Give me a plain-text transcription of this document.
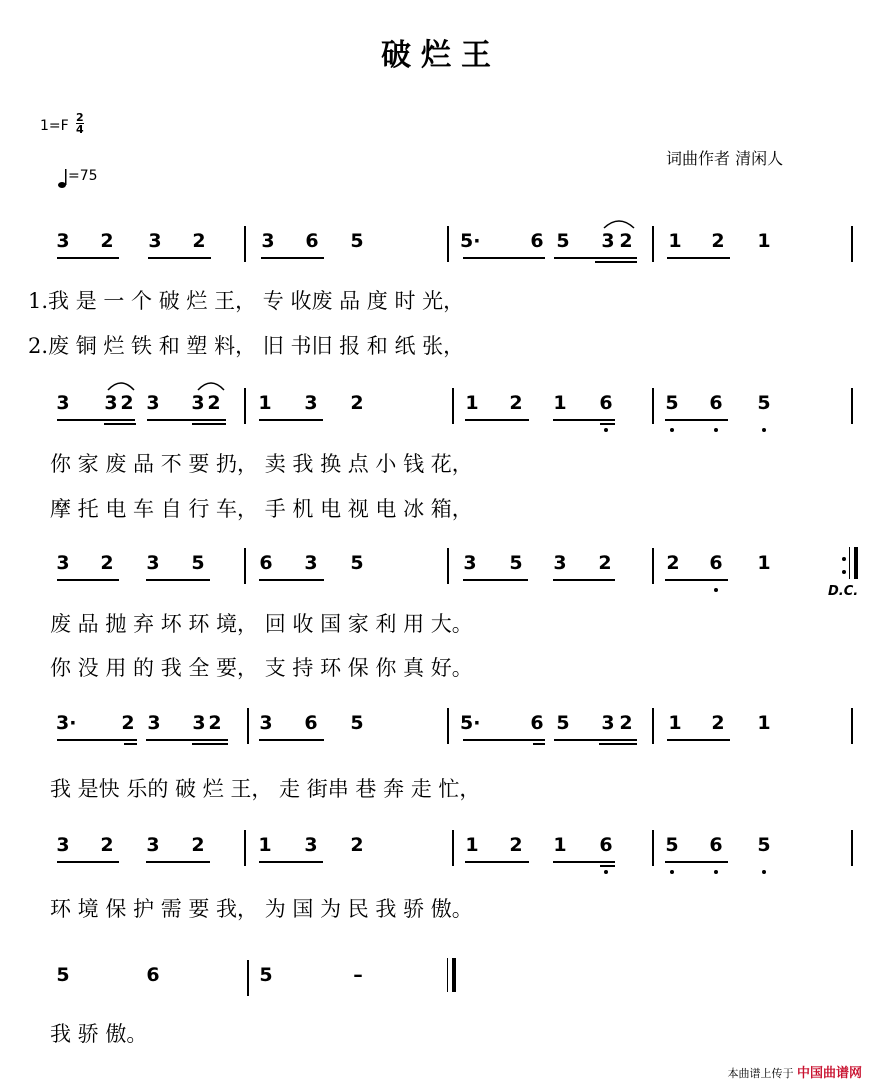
破烂王
$1=F \frac{2}{4}$
=75
词曲作者 清闲人
3 2 3 2	3 6 5	5·	6 5 3 2 1 2 1
1.我 是 一 个 破 烂 王， 专 收废 品 度 时 光，
2.废 铜 烂 铁 和 塑 料， 旧 书旧 报 和 纸 张，
3 3 2 3 3 2 1 3 2	1 2 1 6	5 6 5
你 家 废 品 不 要 扔， 卖 我 换 点 小 钱 花，
摩 托 电 车 自 行 车， 手 机 电 视 电 冰 箱，
3 2 3 5	6 3 5	3 5 3 2	2 6 1
废 品 抛 弃 坏 环 境， 回 收 国 家 利 用 大。
你 没 用 的 我 全 要， 支 持 环 保 你 真 好。
3· 2 3 3 2 3 6 5	5·	6 5 3 2 1 2 1
我 是快 乐的 破 烂 王， 走 街串 巷 奔 走 忙，
3 2 3 2	1 3 2	1 2 1 6	5 6 5
环 境 保 护 需 要 我， 为 国 为 民 我 骄 傲。
5	6	5	–
我 骄 傲。
D.C.
本曲谱上传于 中国曲谱网
